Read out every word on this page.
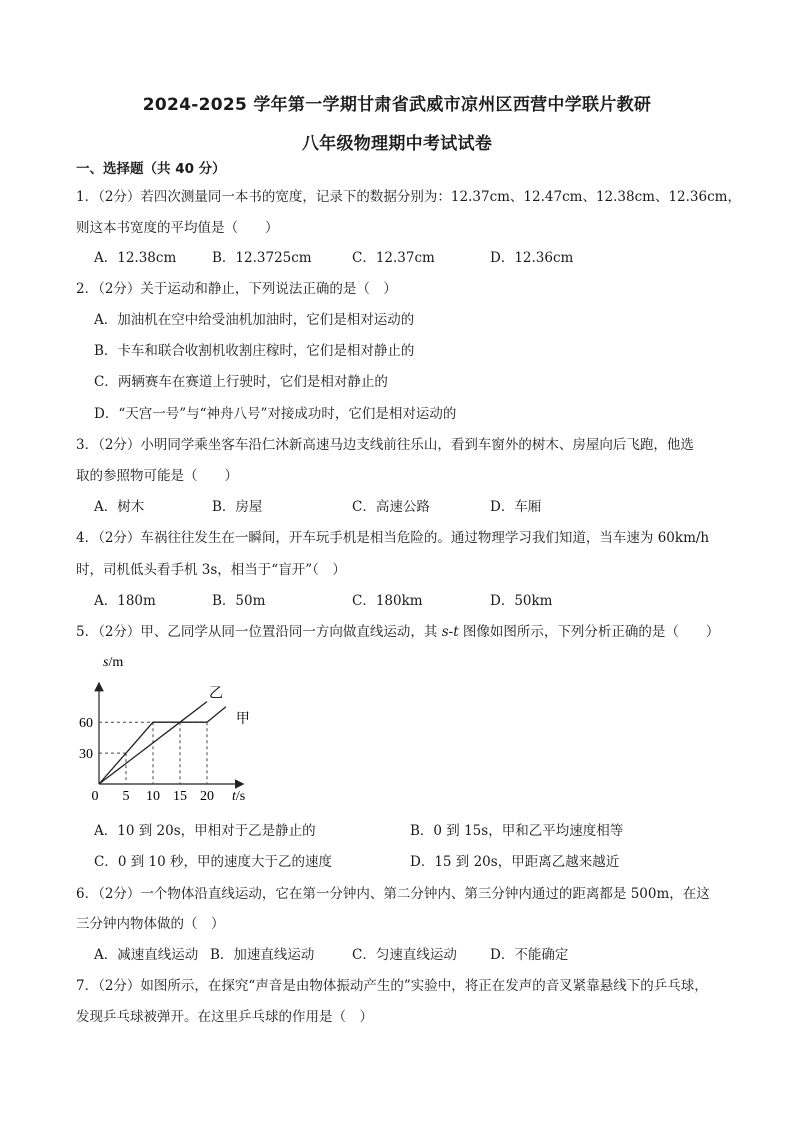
2024-2025 学年第一学期甘肃省武威市凉州区西营中学联片教研
八年级物理期中考试试卷
一、选择题（共 40 分）
1．（2分）若四次测量同一本书的宽度，记录下的数据分别为：12.37cm、12.47cm、12.38cm、12.36cm，
则这本书宽度的平均值是（　　）
A．12.38cm	B．12.3725cm	C．12.37cm	D．12.36cm
2．（2分）关于运动和静止，下列说法正确的是（　）
A．加油机在空中给受油机加油时，它们是相对运动的
B．卡车和联合收割机收割庄稼时，它们是相对静止的
C．两辆赛车在赛道上行驶时，它们是相对静止的
D．“天宫一号”与“神舟八号”对接成功时，它们是相对运动的
3．（2分）小明同学乘坐客车沿仁沐新高速马边支线前往乐山，看到车窗外的树木、房屋向后飞跑，他选
取的参照物可能是（　　）
A．树木	B．房屋	C．高速公路	D．车厢
4．（2分）车祸往往发生在一瞬间，开车玩手机是相当危险的。通过物理学习我们知道，当车速为 60km/h
时，司机低头看手机 3s，相当于“盲开”（　）
A．180m	B．50m	C．180km	D．50km
5．（2分）甲、乙同学从同一位置沿同一方向做直线运动，其 s-t 图像如图所示，下列分析正确的是（　　）
甲
乙
0 5 10 15 20
30
60
s/m
t/s
A．10 到 20s，甲相对于乙是静止的	B．0 到 15s，甲和乙平均速度相等
C．0 到 10 秒，甲的速度大于乙的速度	D．15 到 20s，甲距离乙越来越近
6．（2分）一个物体沿直线运动，它在第一分钟内、第二分钟内、第三分钟内通过的距离都是 500m，在这
三分钟内物体做的（　）
A．减速直线运动 B．加速直线运动	C．匀速直线运动 D．不能确定
7．（2分）如图所示，在探究“声音是由物体振动产生的”实验中，将正在发声的音叉紧靠悬线下的乒乓球，
发现乒乓球被弹开。在这里乒乓球的作用是（　）
